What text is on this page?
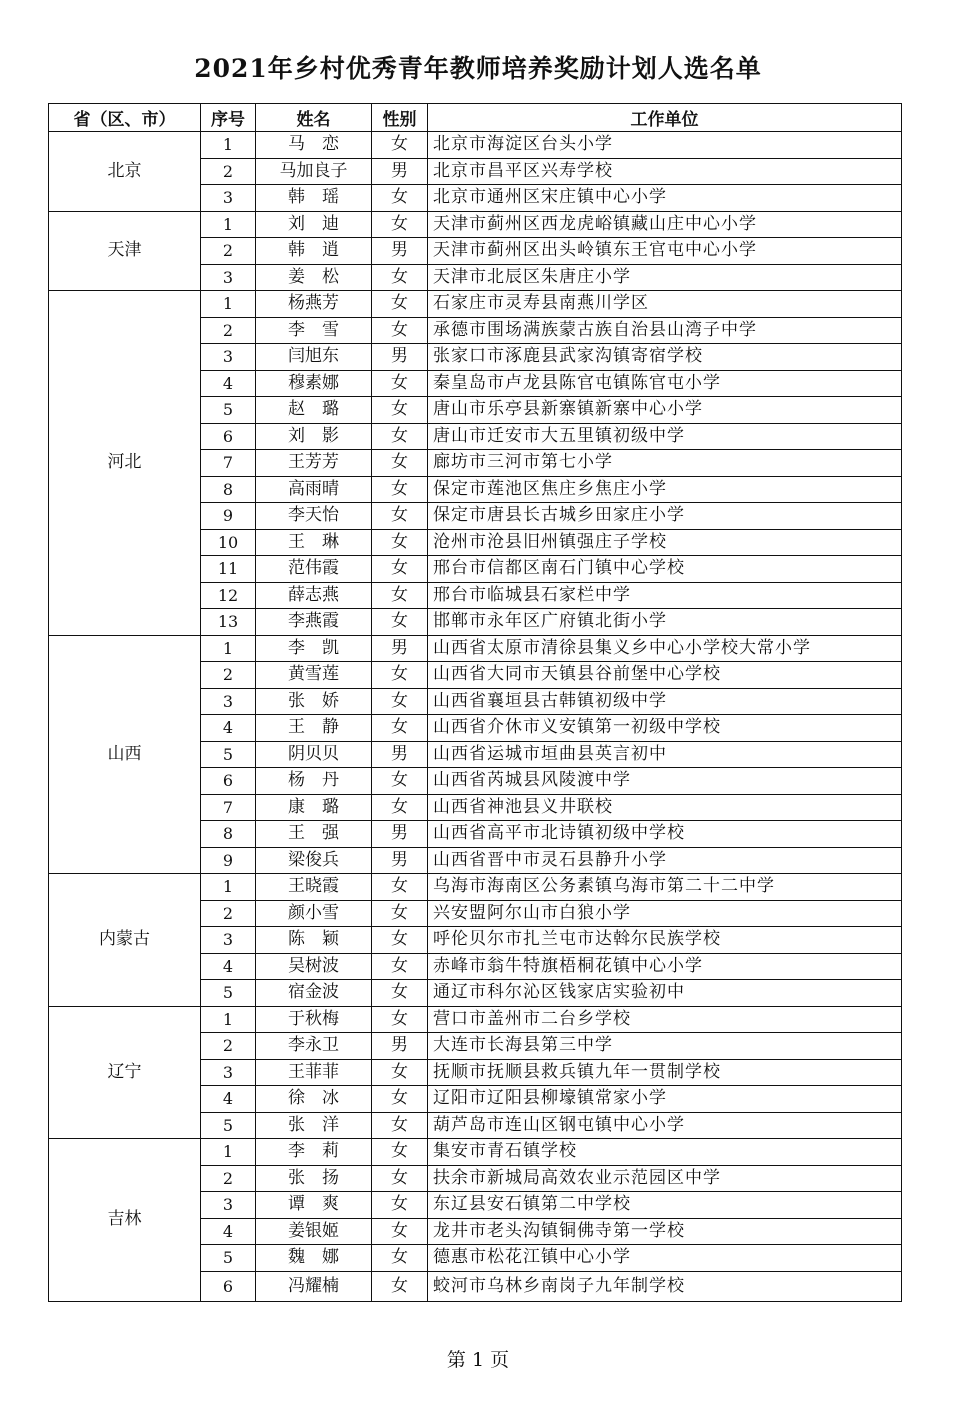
2021年乡村优秀青年教师培养奖励计划人选名单
省（区、市）	序号	姓名	性别	工作单位
北京	1	马　恋	女	北京市海淀区台头小学
	2	马加良子	男	北京市昌平区兴寿学校
	3	韩　瑶	女	北京市通州区宋庄镇中心小学
天津	1	刘　迪	女	天津市蓟州区西龙虎峪镇藏山庄中心小学
	2	韩　逍	男	天津市蓟州区出头岭镇东王官屯中心小学
	3	姜　松	女	天津市北辰区朱唐庄小学
河北	1	杨燕芳	女	石家庄市灵寿县南燕川学区
	2	李　雪	女	承德市围场满族蒙古族自治县山湾子中学
	3	闫旭东	男	张家口市涿鹿县武家沟镇寄宿学校
	4	穆素娜	女	秦皇岛市卢龙县陈官屯镇陈官屯小学
	5	赵　璐	女	唐山市乐亭县新寨镇新寨中心小学
	6	刘　影	女	唐山市迁安市大五里镇初级中学
	7	王芳芳	女	廊坊市三河市第七小学
	8	高雨晴	女	保定市莲池区焦庄乡焦庄小学
	9	李天怡	女	保定市唐县长古城乡田家庄小学
	10	王　琳	女	沧州市沧县旧州镇强庄子学校
	11	范伟霞	女	邢台市信都区南石门镇中心学校
	12	薛志燕	女	邢台市临城县石家栏中学
	13	李燕霞	女	邯郸市永年区广府镇北街小学
山西	1	李　凯	男	山西省太原市清徐县集义乡中心小学校大常小学
	2	黄雪莲	女	山西省大同市天镇县谷前堡中心学校
	3	张　娇	女	山西省襄垣县古韩镇初级中学
	4	王　静	女	山西省介休市义安镇第一初级中学校
	5	阴贝贝	男	山西省运城市垣曲县英言初中
	6	杨　丹	女	山西省芮城县风陵渡中学
	7	康　璐	女	山西省神池县义井联校
	8	王　强	男	山西省高平市北诗镇初级中学校
	9	梁俊兵	男	山西省晋中市灵石县静升小学
内蒙古	1	王晓霞	女	乌海市海南区公务素镇乌海市第二十二中学
	2	颜小雪	女	兴安盟阿尔山市白狼小学
	3	陈　颖	女	呼伦贝尔市扎兰屯市达斡尔民族学校
	4	吴树波	女	赤峰市翁牛特旗梧桐花镇中心小学
	5	宿金波	女	通辽市科尔沁区钱家店实验初中
辽宁	1	于秋梅	女	营口市盖州市二台乡学校
	2	李永卫	男	大连市长海县第三中学
	3	王菲菲	女	抚顺市抚顺县救兵镇九年一贯制学校
	4	徐　冰	女	辽阳市辽阳县柳壕镇常家小学
	5	张　洋	女	葫芦岛市连山区钢屯镇中心小学
吉林	1	李　莉	女	集安市青石镇学校
	2	张　扬	女	扶余市新城局高效农业示范园区中学
	3	谭　爽	女	东辽县安石镇第二中学校
	4	姜银姬	女	龙井市老头沟镇铜佛寺第一学校
	5	魏　娜	女	德惠市松花江镇中心小学
	6	冯耀楠	女	蛟河市乌林乡南岗子九年制学校
第 1 页
